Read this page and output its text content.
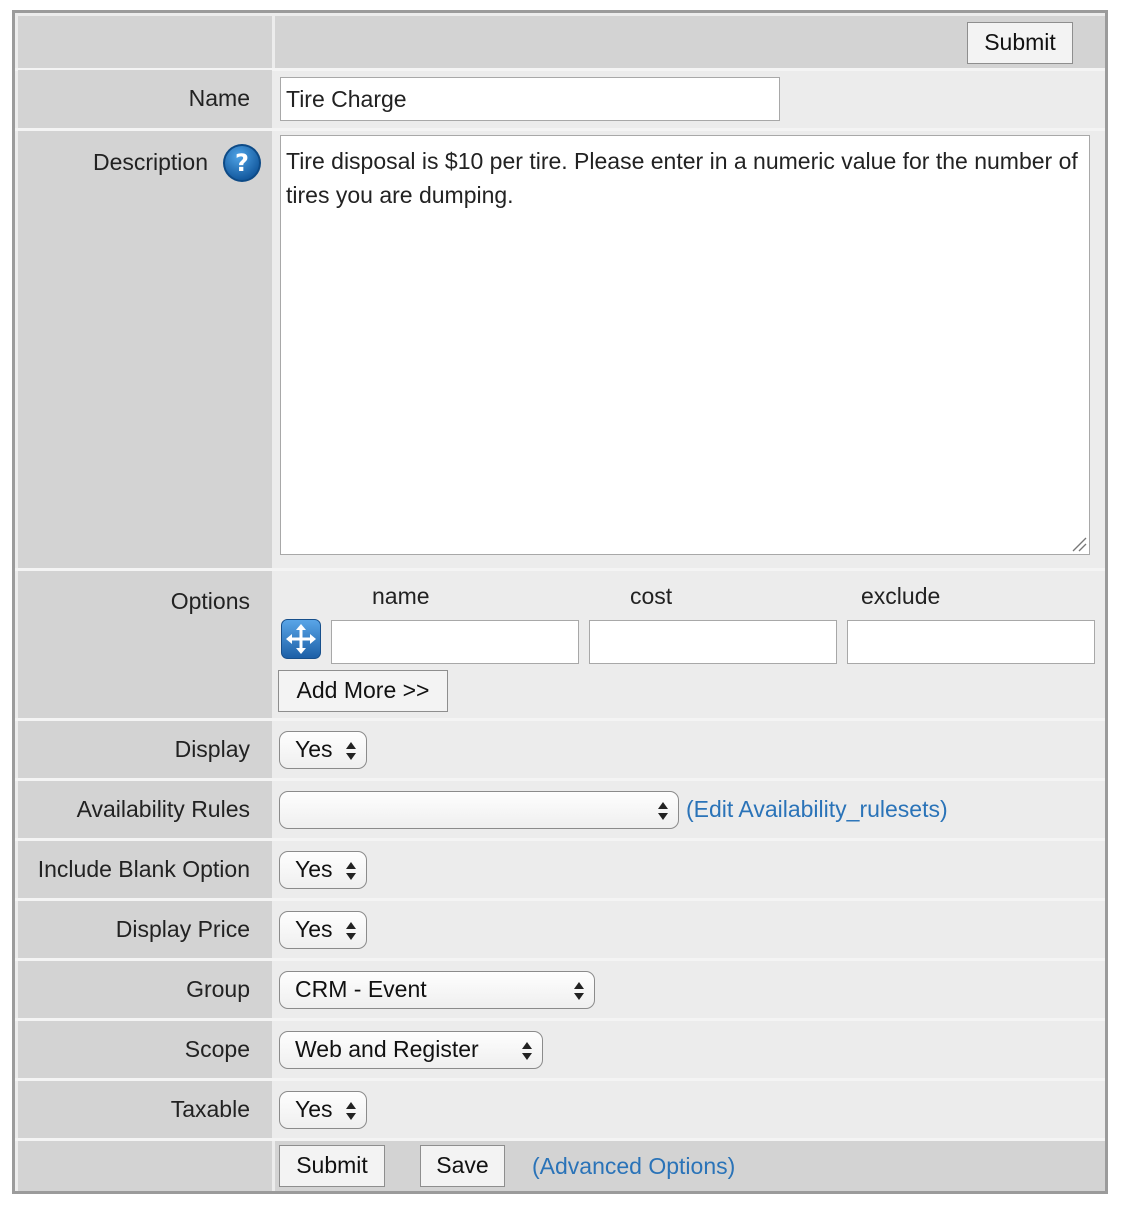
Submit
Name	Tire Charge
Description ? Tire disposal is $10 per tire. Please enter in a numeric value for the number of tires you are dumping.
Options	name	cost	exclude
Add More >>
Display	Yes
Availability Rules	(Edit Availability_rulesets)
Include Blank Option	Yes
Display Price	Yes
Group	CRM - Event
Scope	Web and Register
Taxable	Yes
Submit	Save	(Advanced Options)
